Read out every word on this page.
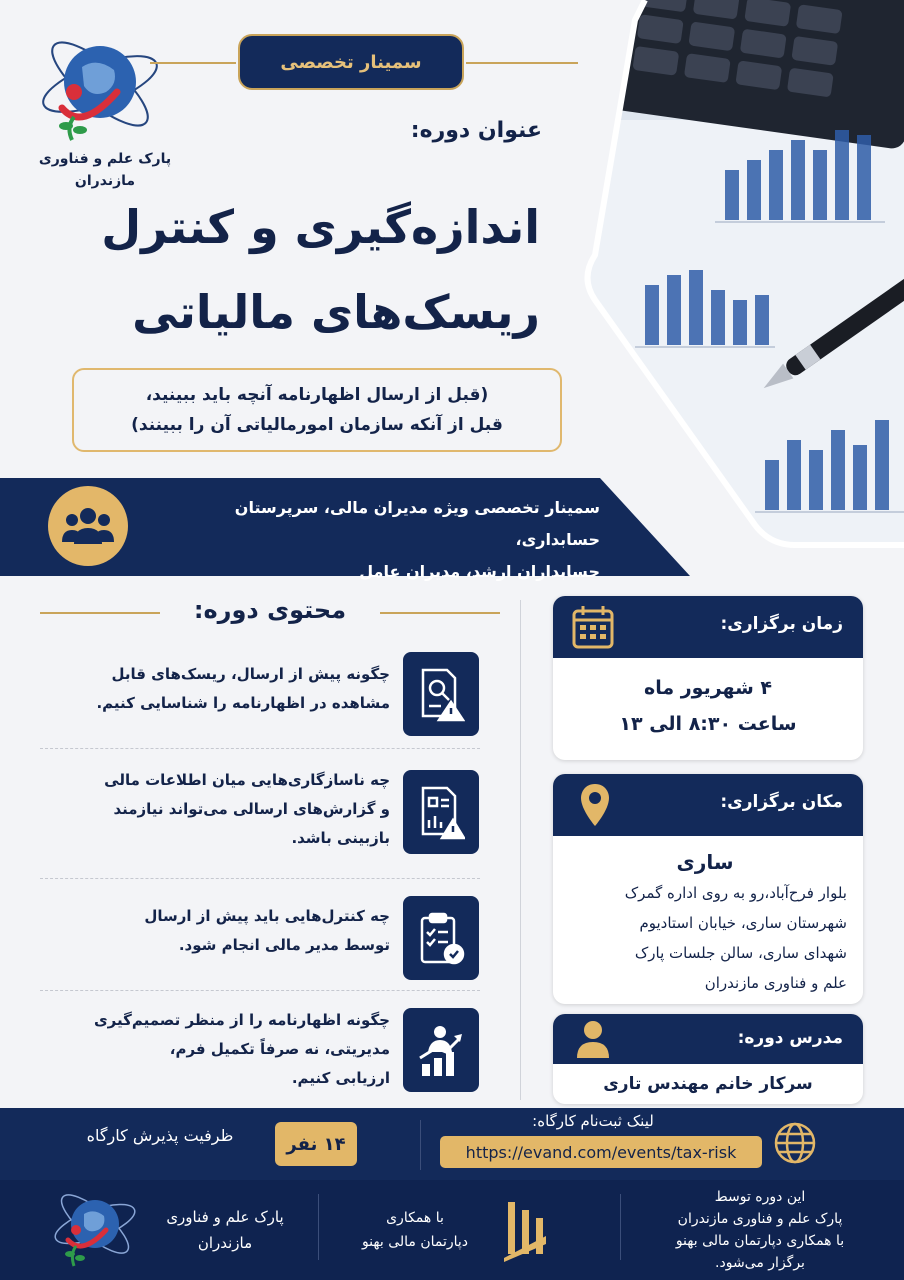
پارک علم و فناوری
مازندران
سمینار تخصصی
عنوان دوره:
اندازه‌گیری و کنترل
ریسک‌های مالیاتی
(قبل از ارسال اظهارنامه آنچه باید ببینید،
قبل از آنکه سازمان امورمالیاتی آن را ببینند)
سمینار تخصصی ویژه مدیران مالی، سرپرستان حسابداری،
حسابداران ارشد، مدیران عامل
محتوی دوره:
چگونه پیش از ارسال، ریسک‌های قابل
مشاهده در اظهارنامه را شناسایی کنیم.
چه ناسازگاری‌هایی میان اطلاعات مالی
و گزارش‌های ارسالی می‌تواند نیازمند
بازبینی باشد.
چه کنترل‌هایی باید پیش از ارسال
توسط مدیر مالی انجام شود.
چگونه اظهارنامه را از منظر تصمیم‌گیری
مدیریتی، نه صرفاً تکمیل فرم،
ارزیابی کنیم.
زمان برگزاری:
۴ شهریور ماه
ساعت ۸:۳۰ الی ۱۳
مکان برگزاری:
ساری
بلوار فرح‌آباد،رو به روی اداره گمرک
شهرستان ساری، خیابان استادیوم
شهدای ساری، سالن جلسات پارک
علم و فناوری مازندران
مدرس دوره:
سرکار خانم مهندس تاری
لینک ثبت‌نام کارگاه:
https://evand.com/events/tax-risk
۱۴ نفر
ظرفیت پذیرش کارگاه
این دوره توسط
پارک علم و فناوری مازندران
با همکاری دپارتمان مالی بهنو
برگزار می‌شود.
با همکاری
دپارتمان مالی بهنو
پارک علم و فناوری
مازندران
